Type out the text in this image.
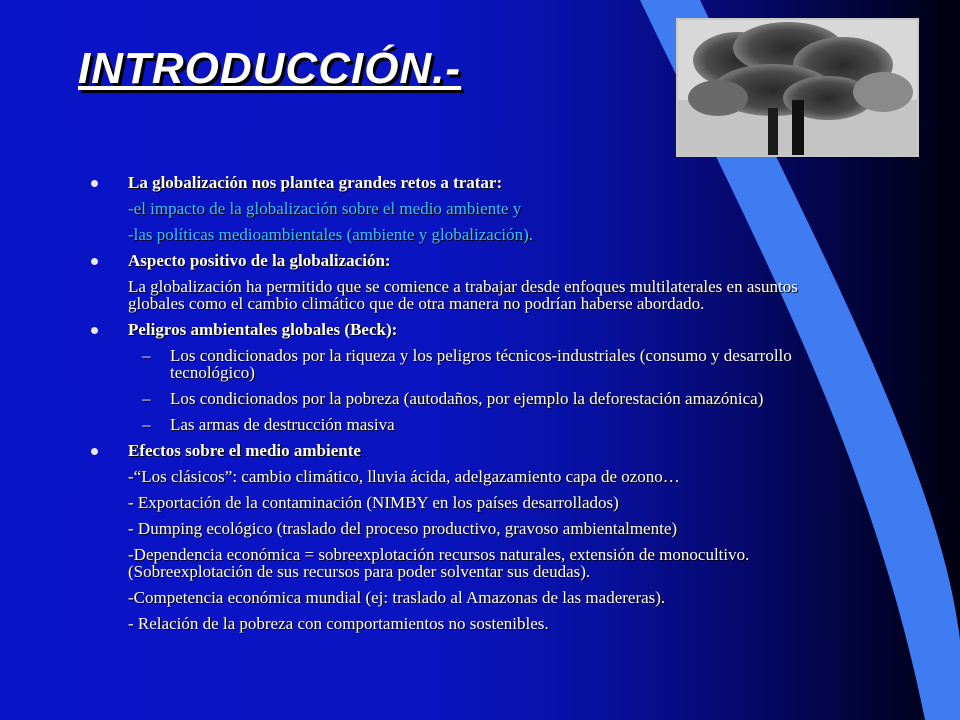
INTRODUCCIÓN.-
La globalización nos plantea grandes retos a tratar:
-el impacto de la globalización sobre el medio ambiente y
-las políticas medioambientales (ambiente y globalización).
Aspecto positivo de la globalización:
La globalización ha permitido que se comience a trabajar desde enfoques multilaterales en asuntos globales como el cambio climático que de otra manera no podrían haberse abordado.
Peligros ambientales globales (Beck):
– Los condicionados por la riqueza y los peligros técnicos-industriales (consumo y desarrollo tecnológico)
– Los condicionados por la pobreza (autodaños, por ejemplo la deforestación amazónica)
– Las armas de destrucción masiva
Efectos sobre el medio ambiente
-“Los clásicos”: cambio climático, lluvia ácida, adelgazamiento capa de ozono…
- Exportación de la contaminación (NIMBY en los países desarrollados)
- Dumping ecológico (traslado del proceso productivo, gravoso ambientalmente)
-Dependencia económica = sobreexplotación recursos naturales, extensión de monocultivo. (Sobreexplotación de sus recursos para poder solventar sus deudas).
-Competencia económica mundial (ej: traslado al Amazonas de las madereras).
- Relación de la pobreza con comportamientos no sostenibles.
